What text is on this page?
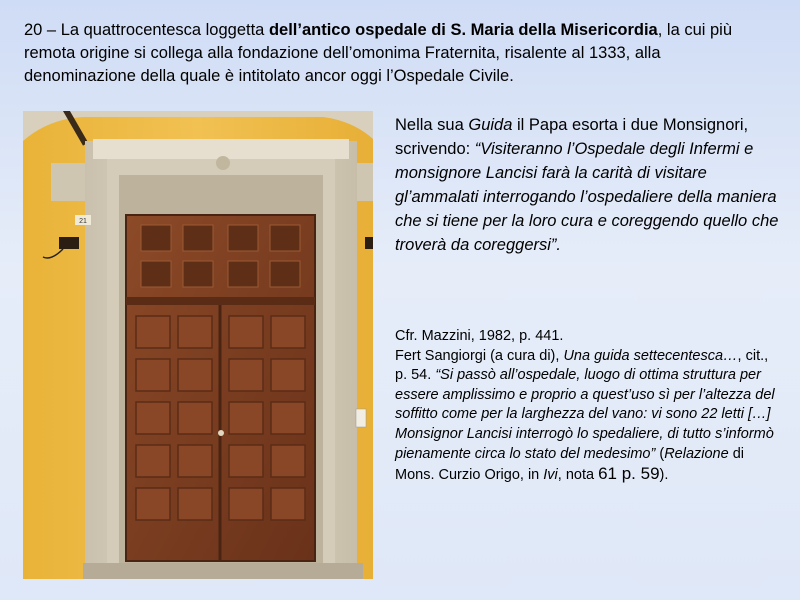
20 – La quattrocentesca loggetta dell’antico ospedale di S. Maria della Misericordia, la cui più remota origine si collega alla fondazione dell’omonima Fraternita, risalente al 1333, alla denominazione della quale è intitolato ancor oggi l’Ospedale Civile.

21

Nella sua Guida il Papa esorta i due Monsignori, scrivendo: “Visiteranno l’Ospedale degli Infermi e monsignore Lancisi farà la carità di visitare gl’ammalati interrogando l’ospedaliere della maniera che si tiene per la loro cura e coreggendo quello che troverà da coreggersi”.

Cfr. Mazzini, 1982, p. 441.
Fert Sangiorgi (a cura di), Una guida settecentesca…, cit., p. 54. “Si passò all’ospedale, luogo di ottima struttura per essere amplissimo e proprio a quest’uso sì per l’altezza del soffitto come per la larghezza del vano: vi sono 22 letti […] Monsignor Lancisi interrogò lo spedaliere, di tutto s’informò pienamente circa lo stato del medesimo” (Relazione di Mons. Curzio Origo, in Ivi, nota 61 p. 59).
